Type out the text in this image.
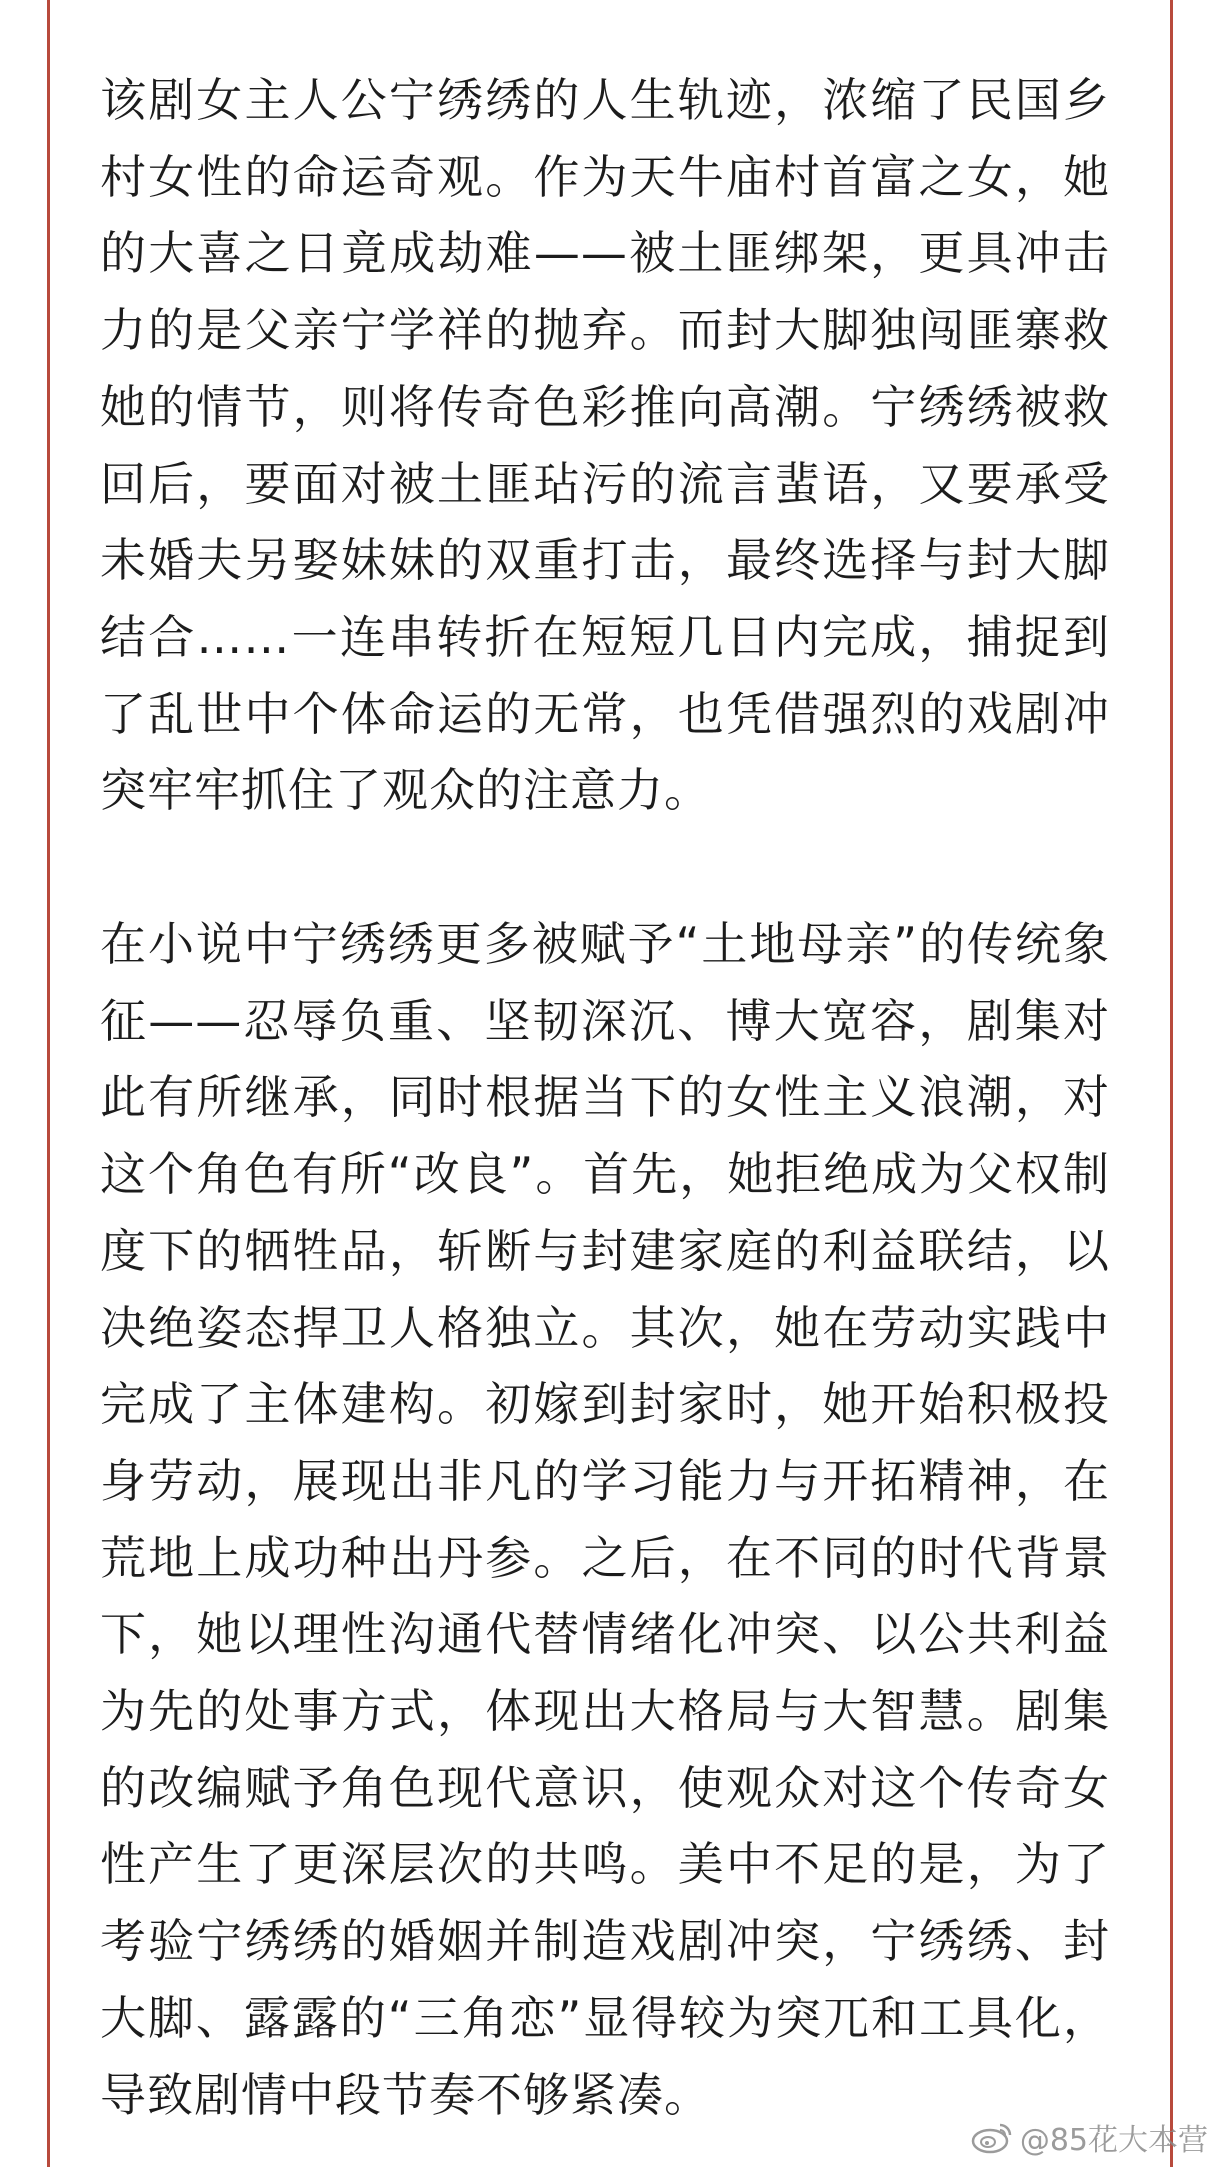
该剧女主人公宁绣绣的人生轨迹，浓缩了民国乡村女性的命运奇观。作为天牛庙村首富之女，她的大喜之日竟成劫难——被土匪绑架，更具冲击力的是父亲宁学祥的抛弃。而封大脚独闯匪寨救她的情节，则将传奇色彩推向高潮。宁绣绣被救回后，要面对被土匪玷污的流言蜚语，又要承受未婚夫另娶妹妹的双重打击，最终选择与封大脚结合……一连串转折在短短几日内完成，捕捉到了乱世中个体命运的无常，也凭借强烈的戏剧冲突牢牢抓住了观众的注意力。

在小说中宁绣绣更多被赋予“土地母亲”的传统象征——忍辱负重、坚韧深沉、博大宽容，剧集对此有所继承，同时根据当下的女性主义浪潮，对这个角色有所“改良”。首先，她拒绝成为父权制度下的牺牲品，斩断与封建家庭的利益联结，以决绝姿态捍卫人格独立。其次，她在劳动实践中完成了主体建构。初嫁到封家时，她开始积极投身劳动，展现出非凡的学习能力与开拓精神，在荒地上成功种出丹参。之后，在不同的时代背景下，她以理性沟通代替情绪化冲突、以公共利益为先的处事方式，体现出大格局与大智慧。剧集的改编赋予角色现代意识，使观众对这个传奇女性产生了更深层次的共鸣。美中不足的是，为了考验宁绣绣的婚姻并制造戏剧冲突，宁绣绣、封大脚、露露的“三角恋”显得较为突兀和工具化，导致剧情中段节奏不够紧凑。

@85花大本营
